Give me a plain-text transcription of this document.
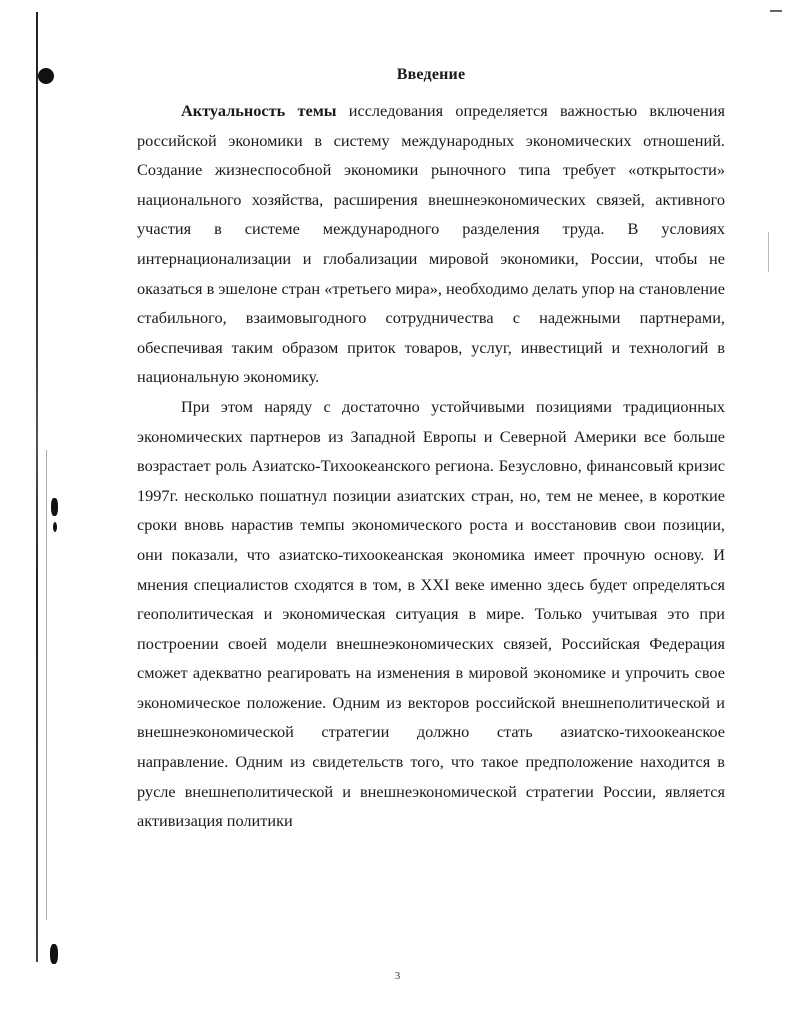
Введение

Актуальность темы исследования определяется важностью включения российской экономики в систему международных экономических отношений. Создание жизнеспособной экономики рыночного типа требует «открытости» национального хозяйства, расширения внешнеэкономических связей, активного участия в системе международного разделения труда. В условиях интернационализации и глобализации мировой экономики, России, чтобы не оказаться в эшелоне стран «третьего мира», необходимо делать упор на становление стабильного, взаимовыгодного сотрудничества с надежными партнерами, обеспечивая таким образом приток товаров, услуг, инвестиций и технологий в национальную экономику.

При этом наряду с достаточно устойчивыми позициями традиционных экономических партнеров из Западной Европы и Северной Америки все больше возрастает роль Азиатско-Тихоокеанского региона. Безусловно, финансовый кризис 1997г. несколько пошатнул позиции азиатских стран, но, тем не менее, в короткие сроки вновь нарастив темпы экономического роста и восстановив свои позиции, они показали, что азиатско-тихоокеанская экономика имеет прочную основу. И мнения специалистов сходятся в том, в XXI веке именно здесь будет определяться геополитическая и экономическая ситуация в мире. Только учитывая это при построении своей модели внешнеэкономических связей, Российская Федерация сможет адекватно реагировать на изменения в мировой экономике и упрочить свое экономическое положение. Одним из векторов российской внешнеполитической и внешнеэкономической стратегии должно стать азиатско-тихоокеанское направление. Одним из свидетельств того, что такое предположение находится в русле внешнеполитической и внешнеэкономической стратегии России, является активизация политики

3
